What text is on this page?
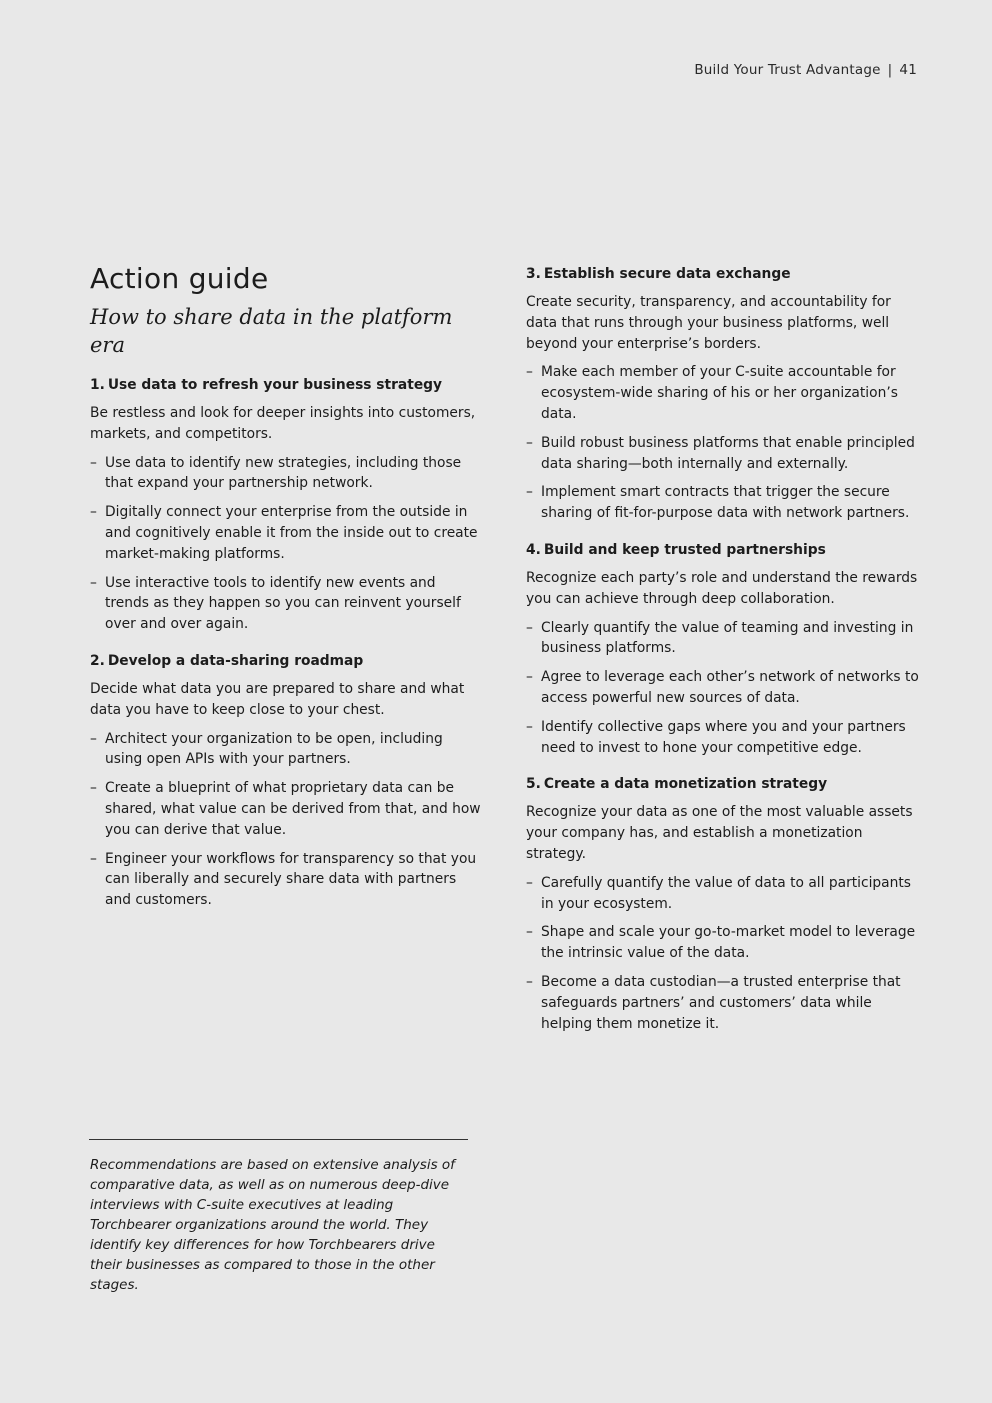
Build Your Trust Advantage | 41
Action guide
How to share data in the platform era
1. Use data to refresh your business strategy
Be restless and look for deeper insights into customers, markets, and competitors.
– Use data to identify new strategies, including those that expand your partnership network.
– Digitally connect your enterprise from the outside in and cognitively enable it from the inside out to create market-making platforms.
– Use interactive tools to identify new events and trends as they happen so you can reinvent yourself over and over again.
2. Develop a data-sharing roadmap
Decide what data you are prepared to share and what data you have to keep close to your chest.
– Architect your organization to be open, including using open APIs with your partners.
– Create a blueprint of what proprietary data can be shared, what value can be derived from that, and how you can derive that value.
– Engineer your workflows for transparency so that you can liberally and securely share data with partners and customers.
3. Establish secure data exchange
Create security, transparency, and accountability for data that runs through your business platforms, well beyond your enterprise’s borders.
– Make each member of your C-suite accountable for ecosystem-wide sharing of his or her organization’s data.
– Build robust business platforms that enable principled data sharing—both internally and externally.
– Implement smart contracts that trigger the secure sharing of fit-for-purpose data with network partners.
4. Build and keep trusted partnerships
Recognize each party’s role and understand the rewards you can achieve through deep collaboration.
– Clearly quantify the value of teaming and investing in business platforms.
– Agree to leverage each other’s network of networks to access powerful new sources of data.
– Identify collective gaps where you and your partners need to invest to hone your competitive edge.
5. Create a data monetization strategy
Recognize your data as one of the most valuable assets your company has, and establish a monetization strategy.
– Carefully quantify the value of data to all participants in your ecosystem.
– Shape and scale your go-to-market model to leverage the intrinsic value of the data.
– Become a data custodian—a trusted enterprise that safeguards partners’ and customers’ data while helping them monetize it.
Recommendations are based on extensive analysis of comparative data, as well as on numerous deep-dive interviews with C-suite executives at leading Torchbearer organizations around the world. They identify key differences for how Torchbearers drive their businesses as compared to those in the other stages.
